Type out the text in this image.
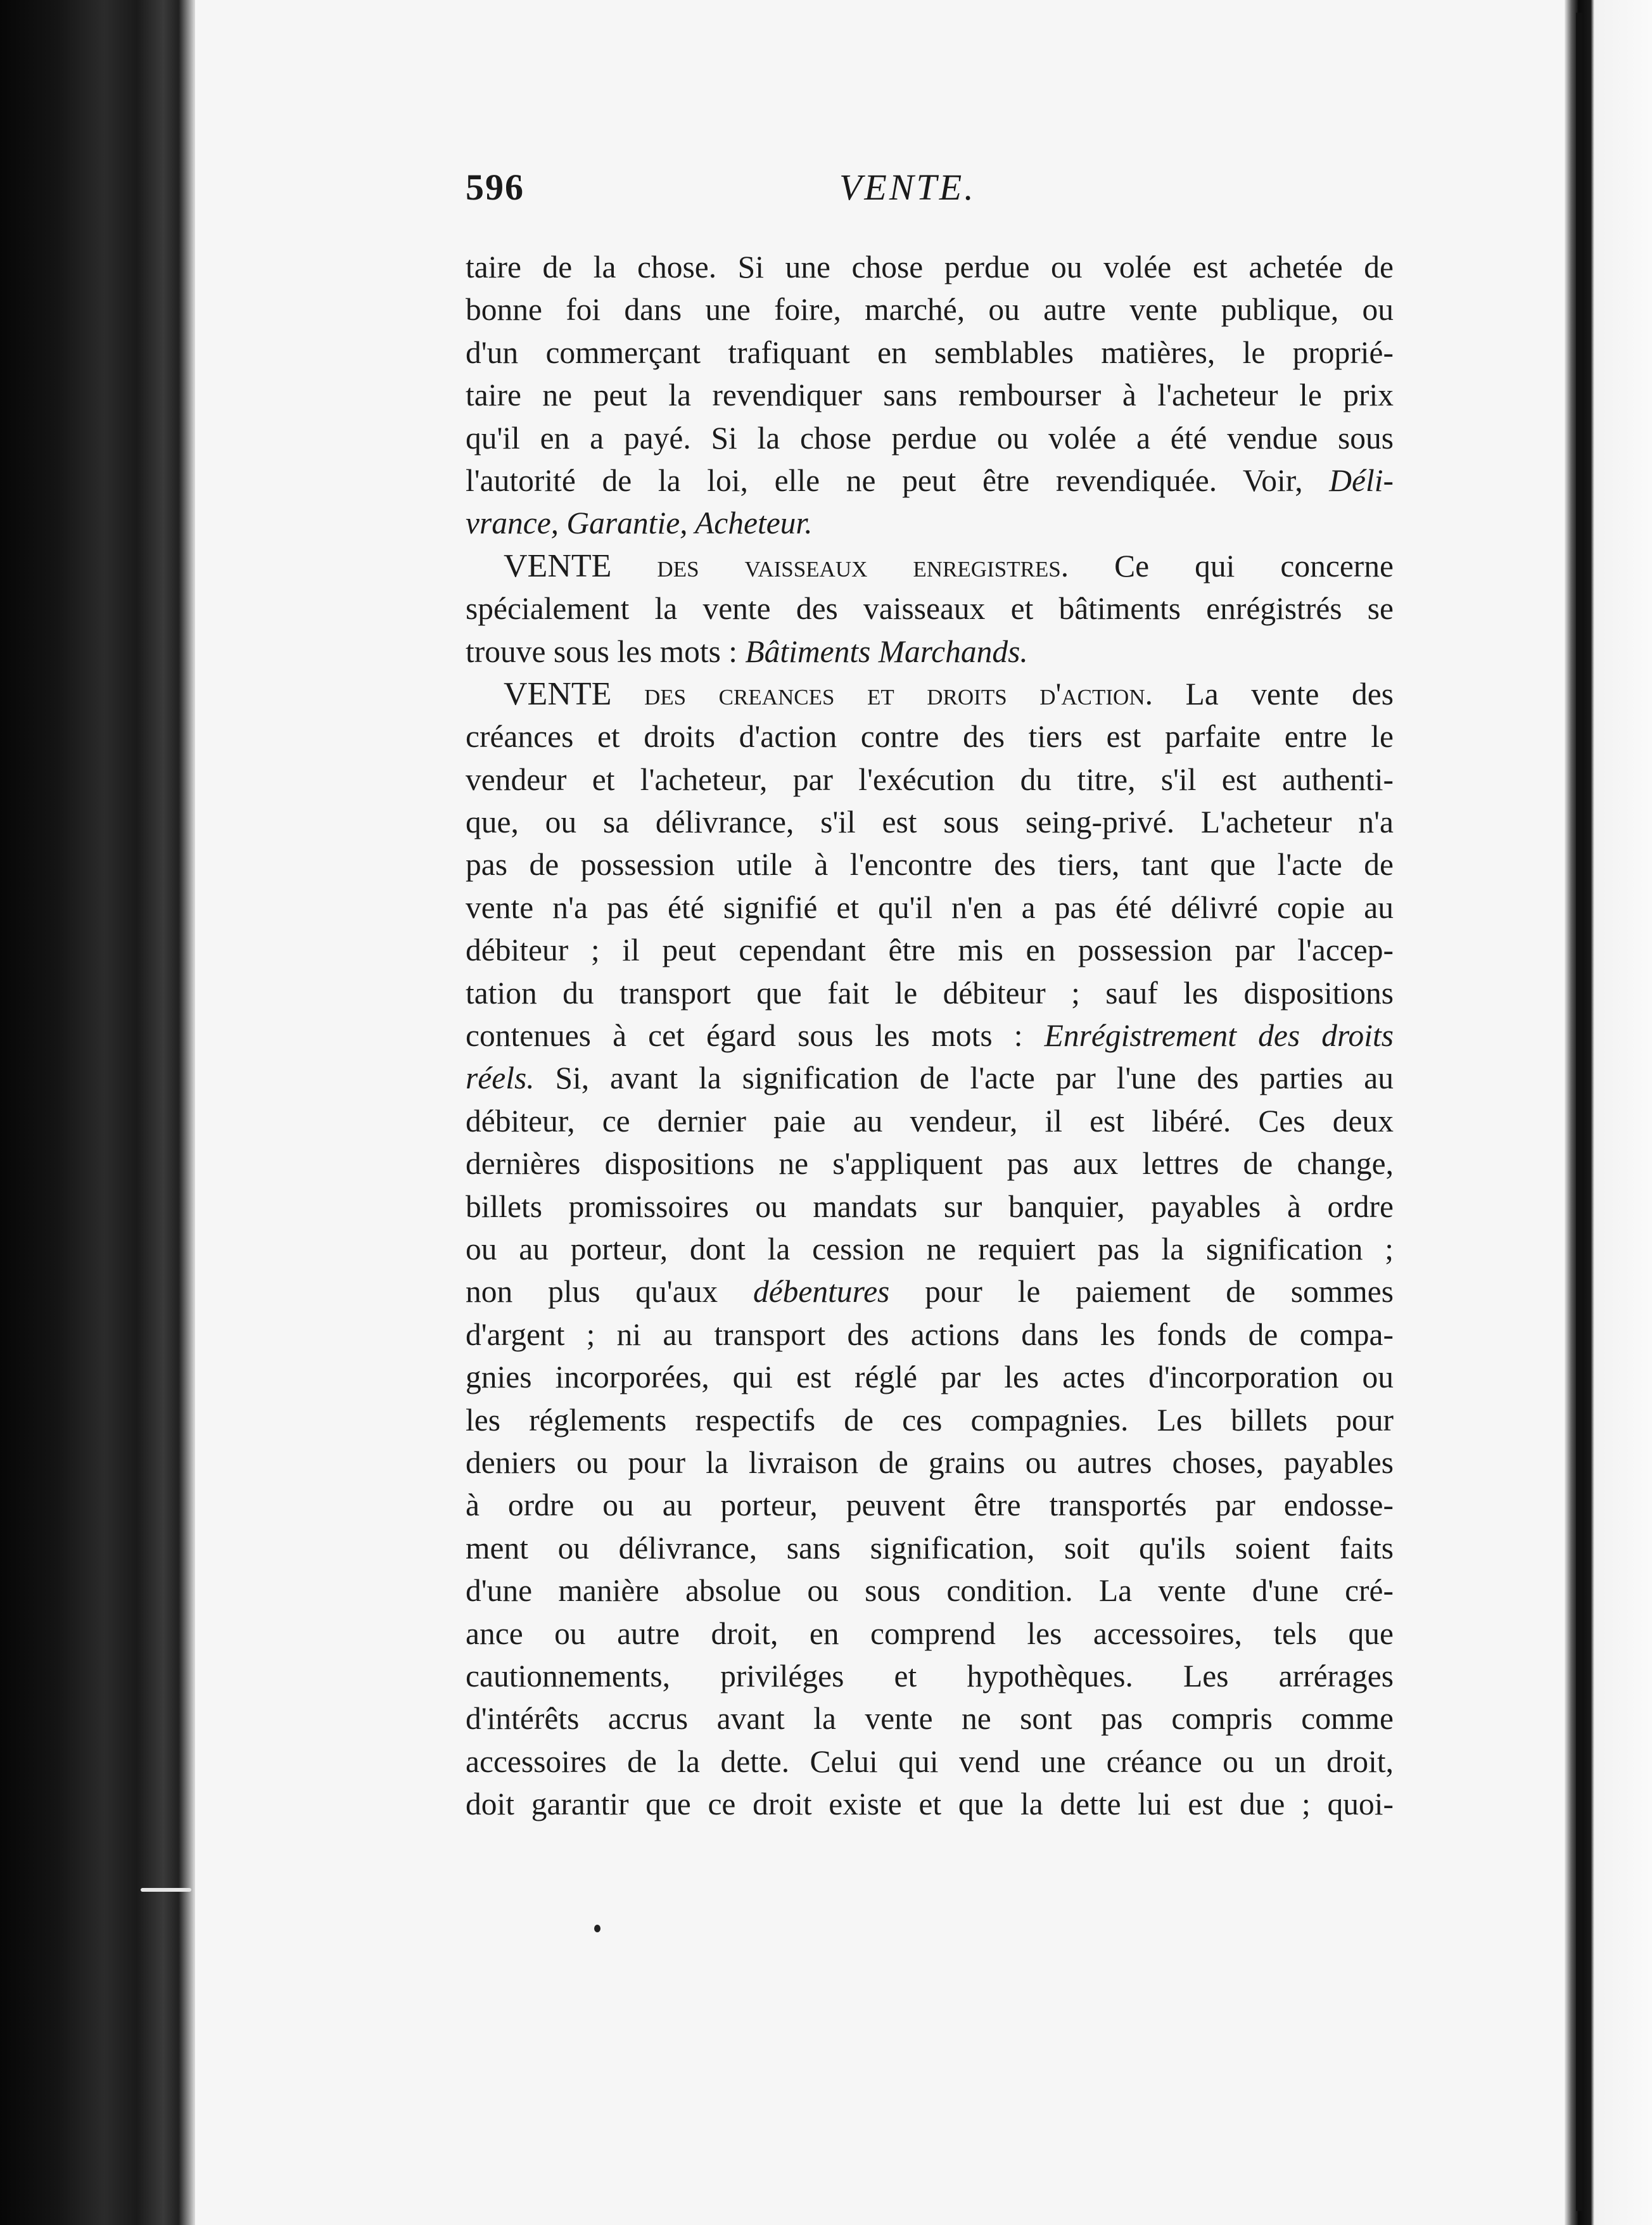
596	VENTE.
taire de la chose. Si une chose perdue ou volée est achetée de
bonne foi dans une foire, marché, ou autre vente publique, ou
d'un commerçant trafiquant en semblables matières, le proprié-
taire ne peut la revendiquer sans rembourser à l'acheteur le prix
qu'il en a payé. Si la chose perdue ou volée a été vendue sous
l'autorité de la loi, elle ne peut être revendiquée. Voir, Déli-
vrance, Garantie, Acheteur.
VENTE des vaisseaux enregistres. Ce qui concerne
spécialement la vente des vaisseaux et bâtiments enrégistrés se
trouve sous les mots : Bâtiments Marchands.
VENTE des creances et droits d'action. La vente des
créances et droits d'action contre des tiers est parfaite entre le
vendeur et l'acheteur, par l'exécution du titre, s'il est authenti-
que, ou sa délivrance, s'il est sous seing-privé. L'acheteur n'a
pas de possession utile à l'encontre des tiers, tant que l'acte de
vente n'a pas été signifié et qu'il n'en a pas été délivré copie au
débiteur ; il peut cependant être mis en possession par l'accep-
tation du transport que fait le débiteur ; sauf les dispositions
contenues à cet égard sous les mots : Enrégistrement des droits
réels. Si, avant la signification de l'acte par l'une des parties au
débiteur, ce dernier paie au vendeur, il est libéré. Ces deux
dernières dispositions ne s'appliquent pas aux lettres de change,
billets promissoires ou mandats sur banquier, payables à ordre
ou au porteur, dont la cession ne requiert pas la signification ;
non plus qu'aux débentures pour le paiement de sommes
d'argent ; ni au transport des actions dans les fonds de compa-
gnies incorporées, qui est réglé par les actes d'incorporation ou
les réglements respectifs de ces compagnies. Les billets pour
deniers ou pour la livraison de grains ou autres choses, payables
à ordre ou au porteur, peuvent être transportés par endosse-
ment ou délivrance, sans signification, soit qu'ils soient faits
d'une manière absolue ou sous condition. La vente d'une cré-
ance ou autre droit, en comprend les accessoires, tels que
cautionnements, priviléges et hypothèques. Les arrérages
d'intérêts accrus avant la vente ne sont pas compris comme
accessoires de la dette. Celui qui vend une créance ou un droit,
doit garantir que ce droit existe et que la dette lui est due ; quoi-
